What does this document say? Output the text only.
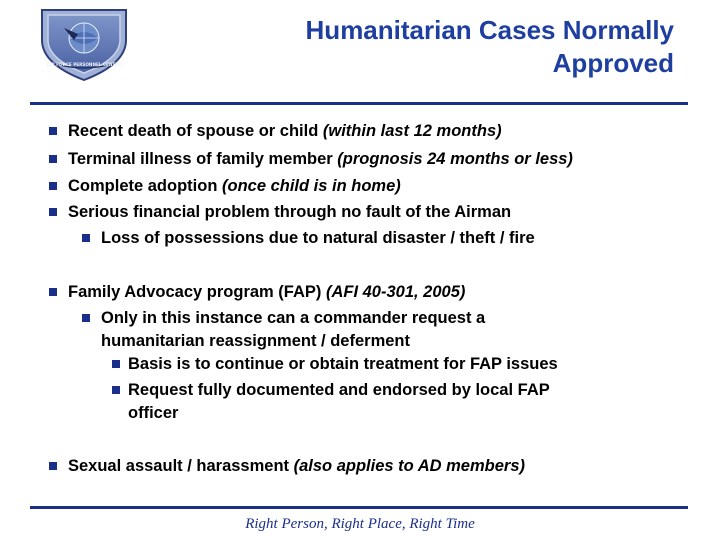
AIR FORCE PERSONNEL CENTER
Humanitarian Cases Normally
Approved
Recent death of spouse or child (within last 12 months)
Terminal illness of family member (prognosis 24 months or less)
Complete adoption (once child is in home)
Serious financial problem through no fault of the Airman
Loss of possessions due to natural disaster / theft / fire
Family Advocacy program (FAP) (AFI 40-301, 2005)
Only in this instance can a commander request a
humanitarian reassignment / deferment
Basis is to continue or obtain treatment for FAP issues
Request fully documented and endorsed by local FAP
officer
Sexual assault / harassment (also applies to AD members)
Right Person, Right Place, Right Time
